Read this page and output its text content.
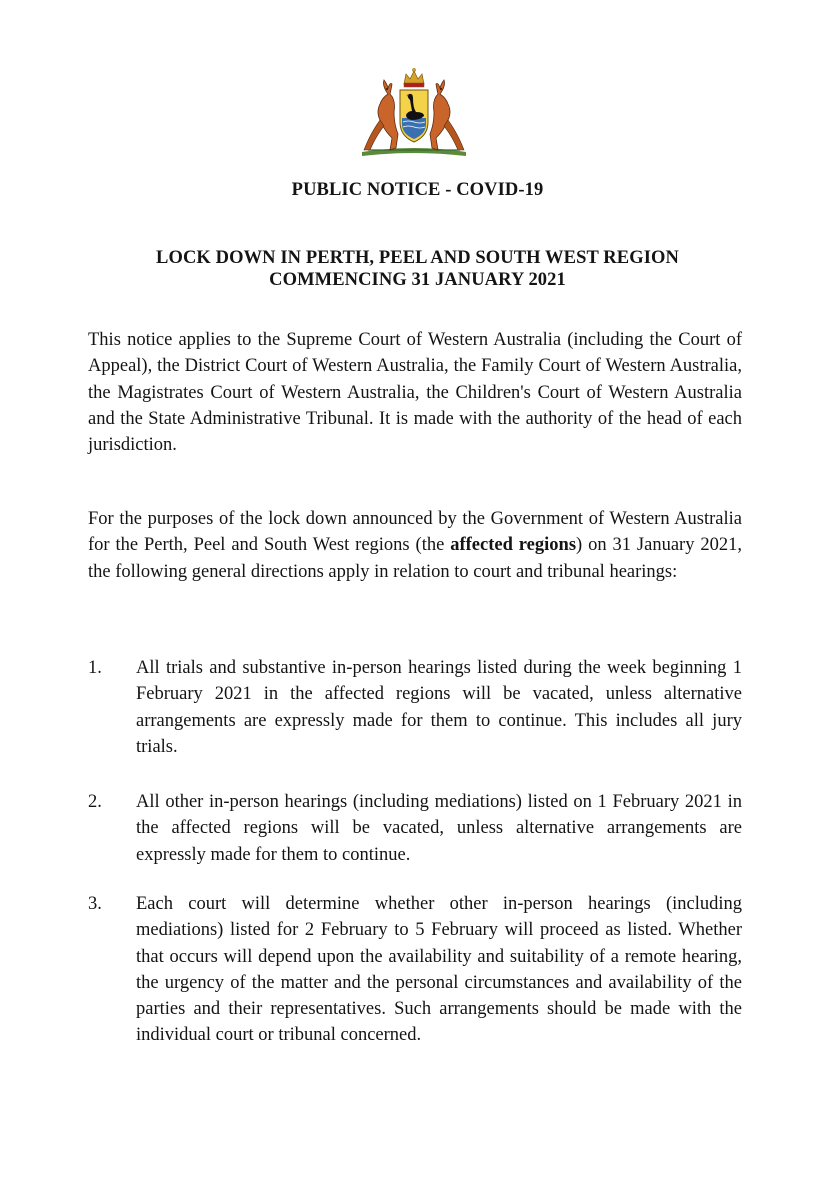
PUBLIC NOTICE - COVID-19
LOCK DOWN IN PERTH, PEEL AND SOUTH WEST REGION
COMMENCING 31 JANUARY 2021

This notice applies to the Supreme Court of Western Australia (including the Court of Appeal), the District Court of Western Australia, the Family Court of Western Australia, the Magistrates Court of Western Australia, the Children's Court of Western Australia and the State Administrative Tribunal. It is made with the authority of the head of each jurisdiction.

For the purposes of the lock down announced by the Government of Western Australia for the Perth, Peel and South West regions (the affected regions) on 31 January 2021, the following general directions apply in relation to court and tribunal hearings:

1. All trials and substantive in-person hearings listed during the week beginning 1 February 2021 in the affected regions will be vacated, unless alternative arrangements are expressly made for them to continue. This includes all jury trials.

2. All other in-person hearings (including mediations) listed on 1 February 2021 in the affected regions will be vacated, unless alternative arrangements are expressly made for them to continue.

3. Each court will determine whether other in-person hearings (including mediations) listed for 2 February to 5 February will proceed as listed. Whether that occurs will depend upon the availability and suitability of a remote hearing, the urgency of the matter and the personal circumstances and availability of the parties and their representatives. Such arrangements should be made with the individual court or tribunal concerned.
